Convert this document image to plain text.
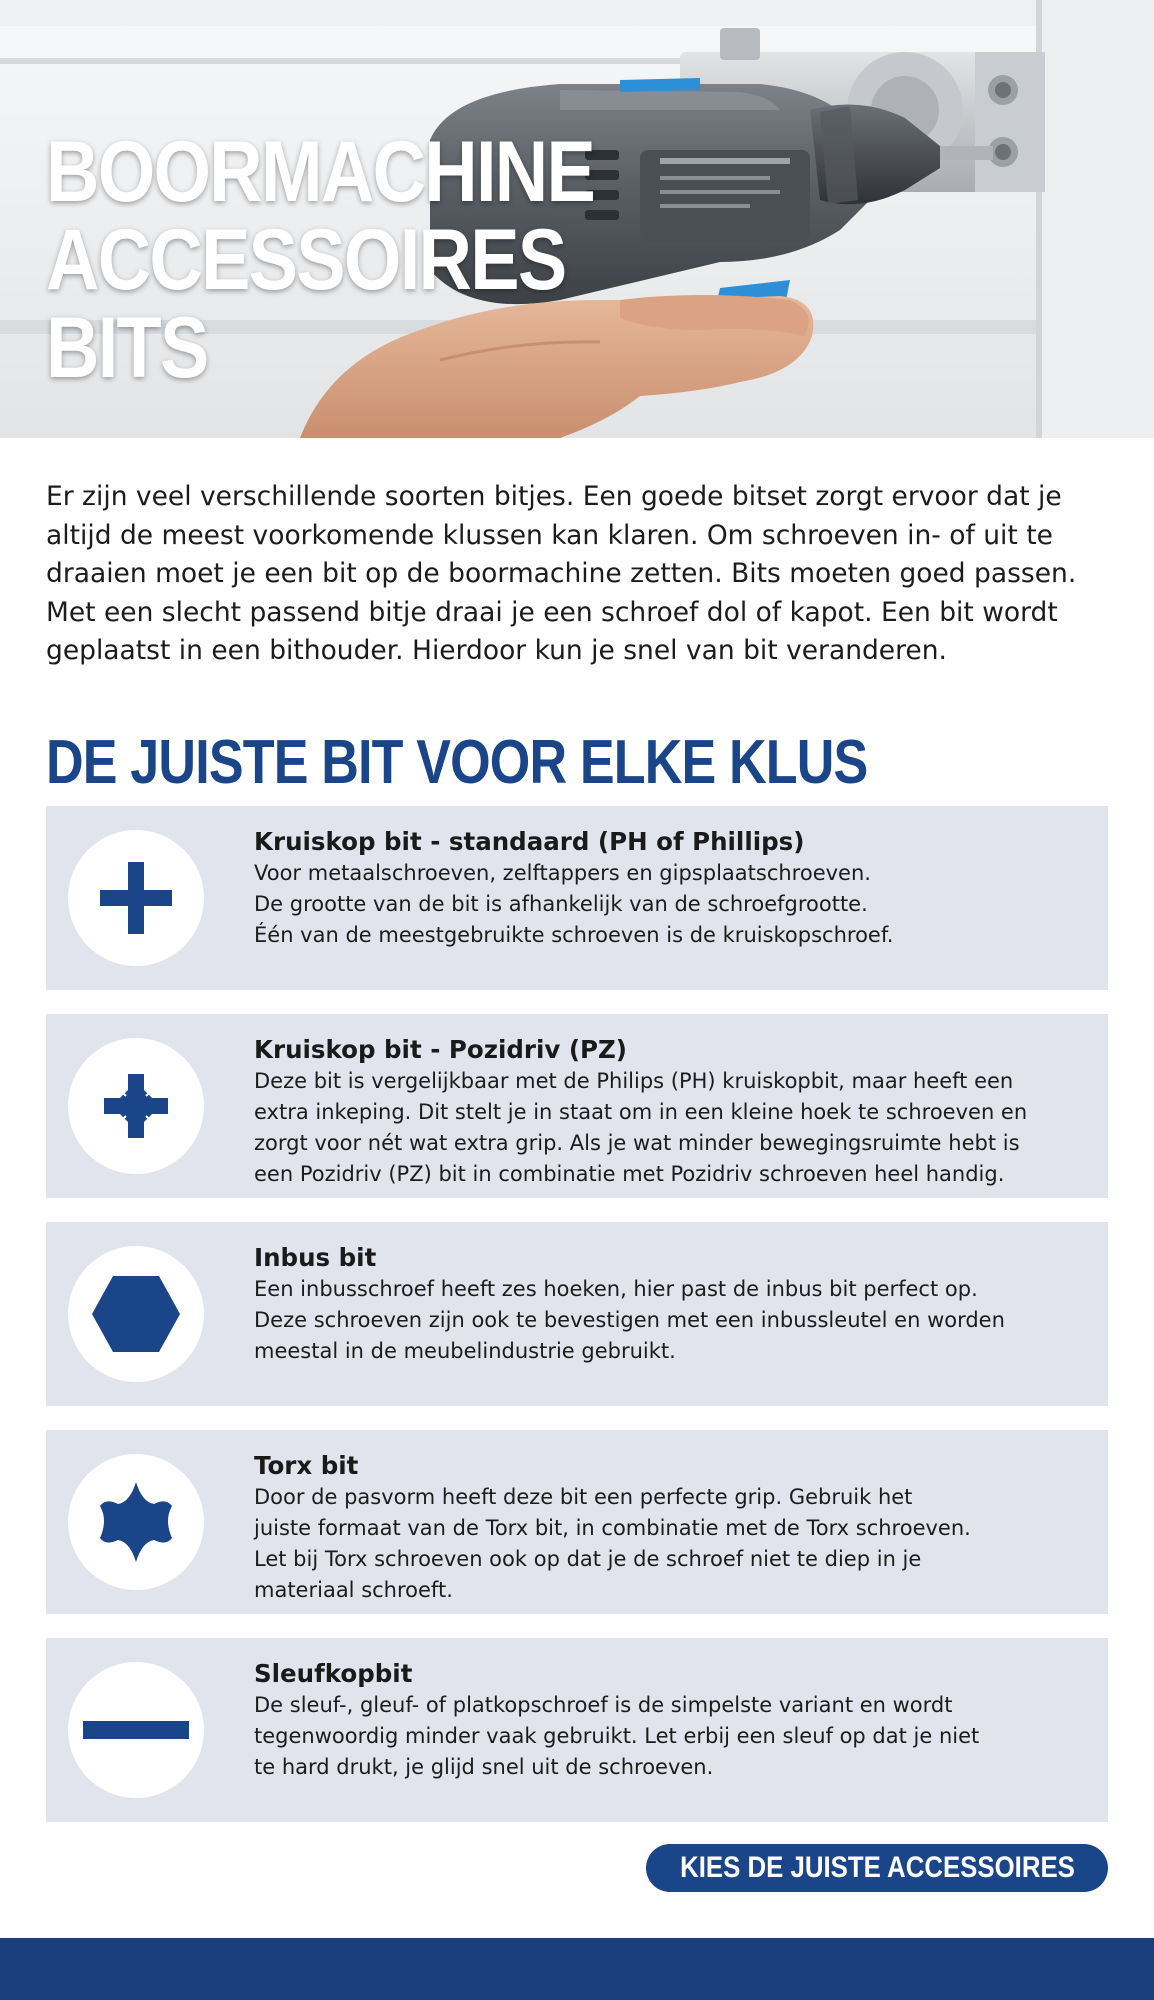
BOORMACHINE
ACCESSOIRES
BITS

Er zijn veel verschillende soorten bitjes. Een goede bitset zorgt ervoor dat je altijd de meest voorkomende klussen kan klaren. Om schroeven in- of uit te draaien moet je een bit op de boormachine zetten. Bits moeten goed passen. Met een slecht passend bitje draai je een schroef dol of kapot. Een bit wordt geplaatst in een bithouder. Hierdoor kun je snel van bit veranderen.

DE JUISTE BIT VOOR ELKE KLUS
Kruiskop bit - standaard (PH of Phillips)
Voor metaalschroeven, zelftappers en gipsplaatschroeven.
De grootte van de bit is afhankelijk van de schroefgrootte.
Één van de meestgebruikte schroeven is de kruiskopschroef.
Kruiskop bit - Pozidriv (PZ)
Deze bit is vergelijkbaar met de Philips (PH) kruiskopbit, maar heeft een
extra inkeping. Dit stelt je in staat om in een kleine hoek te schroeven en
zorgt voor nét wat extra grip. Als je wat minder bewegingsruimte hebt is
een Pozidriv (PZ) bit in combinatie met Pozidriv schroeven heel handig.
Inbus bit
Een inbusschroef heeft zes hoeken, hier past de inbus bit perfect op.
Deze schroeven zijn ook te bevestigen met een inbussleutel en worden
meestal in de meubelindustrie gebruikt.
Torx bit
Door de pasvorm heeft deze bit een perfecte grip. Gebruik het
juiste formaat van de Torx bit, in combinatie met de Torx schroeven.
Let bij Torx schroeven ook op dat je de schroef niet te diep in je
materiaal schroeft.
Sleufkopbit
De sleuf-, gleuf- of platkopschroef is de simpelste variant en wordt
tegenwoordig minder vaak gebruikt. Let erbij een sleuf op dat je niet
te hard drukt, je glijd snel uit de schroeven.
KIES DE JUISTE ACCESSOIRES
